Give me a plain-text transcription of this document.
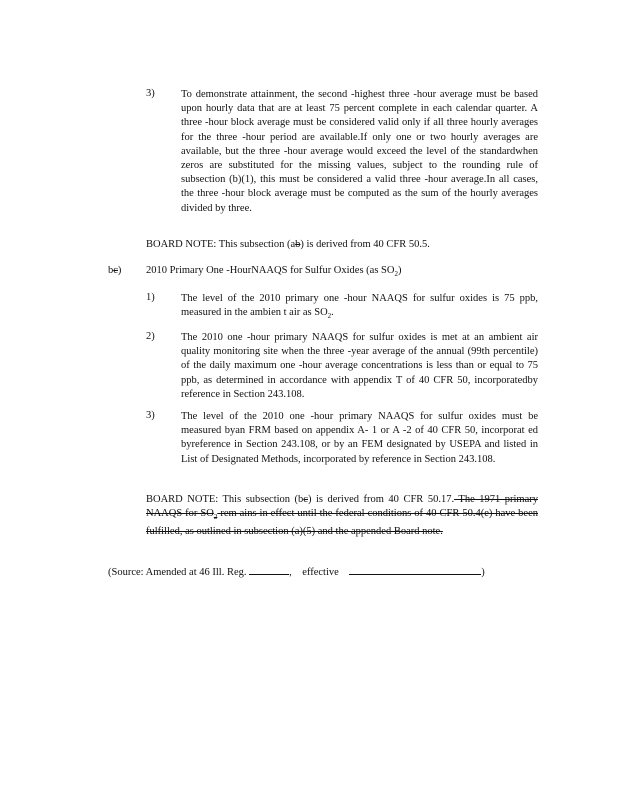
3)	To demonstrate attainment, the second -highest three -hour average must be based upon hourly data that are at least 75 percent complete in each calendar quarter. A three -hour block average must be considered valid only if all three hourly averages for the three -hour period are available.If only one or two hourly averages are available, but the three -hour average would exceed the level of the standardwhen zeros are substituted for the missing values, subject to the rounding rule of subsection (b)(1), this must be considered a valid three -hour average.In all cases, the three -hour block average must be computed as the sum of the hourly averages divided by three.
BOARD NOTE: This subsection (ab) is derived from 40 CFR 50.5.
bc) 2010 Primary One -HourNAAQS for Sulfur Oxides (as $SO_2$)
1)	The level of the 2010 primary one -hour NAAQS for sulfur oxides is 75 ppb, measured in the ambien t air as $SO_2$.
2)	The 2010 one -hour primary NAAQS for sulfur oxides is met at an ambient air quality monitoring site when the three -year average of the annual (99th percentile) of the daily maximum one -hour average concentrations is less than or equal to 75 ppb, as determined in accordance with appendix T of 40 CFR 50, incorporatedby reference in Section 243.108.
3)	The level of the 2010 one -hour primary NAAQS for sulfur oxides must be measured byan FRM based on appendix A- 1 or A -2 of 40 CFR 50, incorporat ed byreference in Section 243.108, or by an FEM designated by USEPA and listed in List of Designated Methods, incorporated by reference in Section 243.108.
BOARD NOTE: This subsection (bc) is derived from 40 CFR 50.17. The 1971 primary NAAQS for $SO_2$ rem ains in effect until the federal conditions of 40 CFR 50.4(e) have been fulfilled, as outlined in subsection (a)(5) and the appended Board note.
(Source: Amended at 46 Ill. Reg.	, effective	)
